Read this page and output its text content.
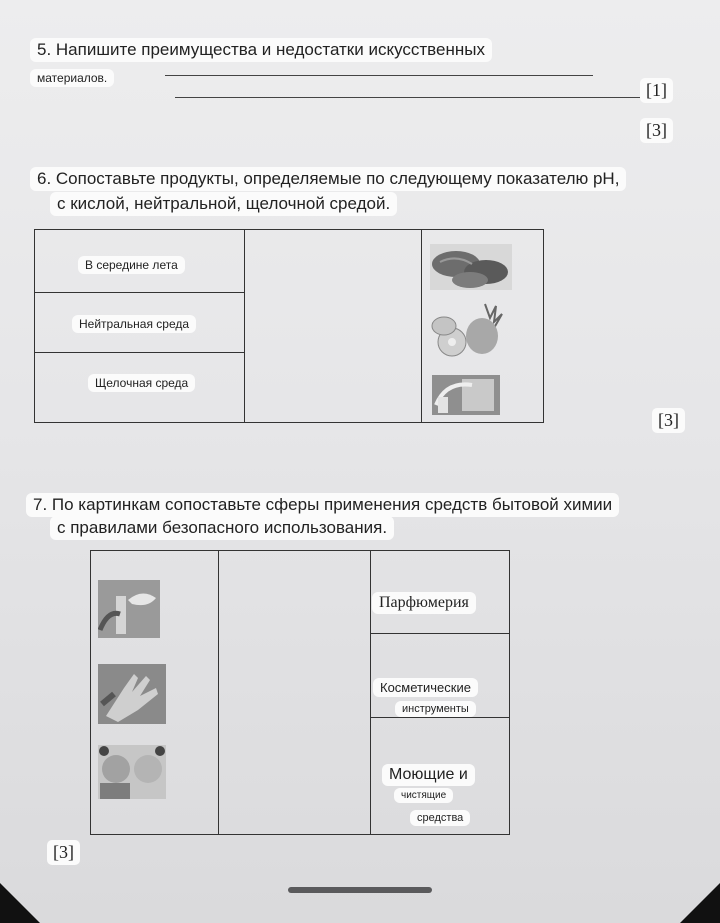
5. Напишите преимущества и недостатки искусственных
материалов.
[1]
[3]
6. Сопоставьте продукты, определяемые по следующему показателю pH,
с кислой, нейтральной, щелочной средой.
В середине лета
Нейтральная среда
Щелочная среда
[3]
7. По картинкам сопоставьте сферы применения средств бытовой химии
с правилами безопасного использования.
Парфюмерия
Косметические
инструменты
Моющие и
чистящие
средства
[3]
